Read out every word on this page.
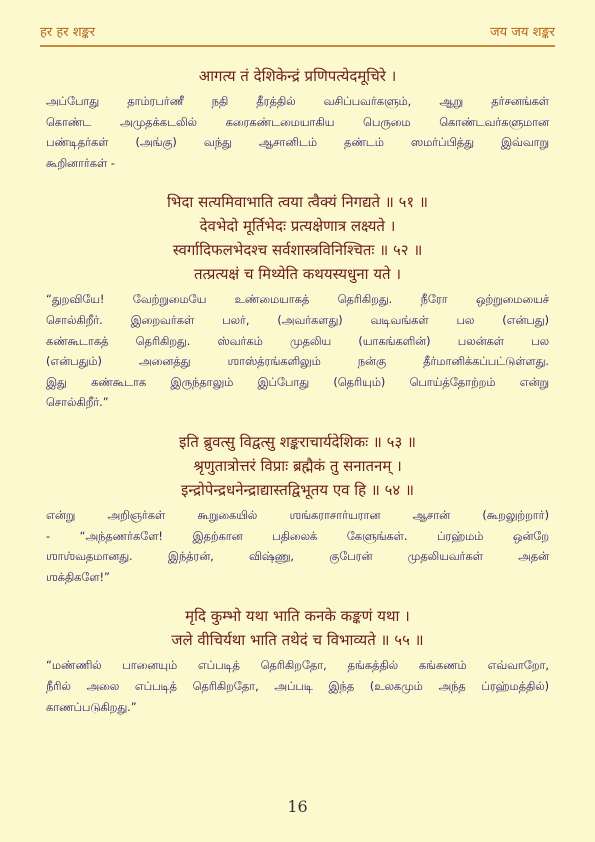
हर हर शङ्कर	जय जय शङ्कर
आगत्य तं देशिकेन्द्रं प्रणिपत्येदमूचिरे ।
அப்போது தாம்ரபர்ணீ நதி தீரத்தில் வசிப்பவர்களும், ஆறு தர்சனங்கள்
கொண்ட அமுதக்கடலில் கரைகண்டமையாகிய பெருமை கொண்டவர்களுமான
பண்டிதர்கள் (அங்கு) வந்து ஆசானிடம் தண்டம் ஸமர்ப்பித்து இவ்வாறு
கூறினார்கள் -
भिदा सत्यमिवाभाति त्वया त्वैक्यं निगद्यते ॥ ५१ ॥
देवभेदो मूर्तिभेदः प्रत्यक्षेणात्र लक्ष्यते ।
स्वर्गादिफलभेदश्च सर्वशास्त्रविनिश्चितः ॥ ५२ ॥
तत्प्रत्यक्षं च मिथ्येति कथयस्यधुना यते ।
“துறவியே! வேற்றுமையே உண்மையாகத் தெரிகிறது. நீரோ ஒற்றுமையைச்
சொல்கிறீர். இறைவர்கள் பலர், (அவர்களது) வடிவங்கள் பல (என்பது)
கண்கூடாகத் தெரிகிறது. ஸ்வர்கம் முதலிய (யாகங்களின்) பலன்கள் பல
(என்பதும்) அனைத்து ஶாஸ்த்ரங்களிலும் நன்கு தீர்மானிக்கப்பட்டுள்ளது.
இது கண்கூடாக இருந்தாலும் இப்போது (தெரியும்) பொய்த்தோற்றம் என்று
சொல்கிறீர்.”
इति ब्रुवत्सु विद्वत्सु शङ्कराचार्यदेशिकः ॥ ५३ ॥
श्रृणुतात्रोत्तरं विप्राः ब्रह्मैकं तु सनातनम् ।
इन्द्रोपेन्द्रधनेन्द्राद्यास्तद्विभूतय एव हि ॥ ५४ ॥
என்று அறிஞர்கள் கூறுகையில் ஶங்கராசார்யரான ஆசான் (கூறலுற்றார்)
- “அந்தணர்களே! இதற்கான பதிலைக் கேளுங்கள். ப்ரஹ்மம் ஒன்றே
ஶாஶ்வதமானது. இந்த்ரன், விஷ்ணு, குபேரன் முதலியவர்கள் அதன்
ஶக்திகளே!”
मृदि कुम्भो यथा भाति कनके कङ्कणं यथा ।
जले वीचिर्यथा भाति तथेदं च विभाव्यते ॥ ५५ ॥
“மண்ணில் பானையும் எப்படித் தெரிகிறதோ, தங்கத்தில் கங்கணம் எவ்வாறோ,
நீரில் அலை எப்படித் தெரிகிறதோ, அப்படி இந்த (உலகமும் அந்த ப்ரஹ்மத்தில்)
காணப்படுகிறது.”
16
